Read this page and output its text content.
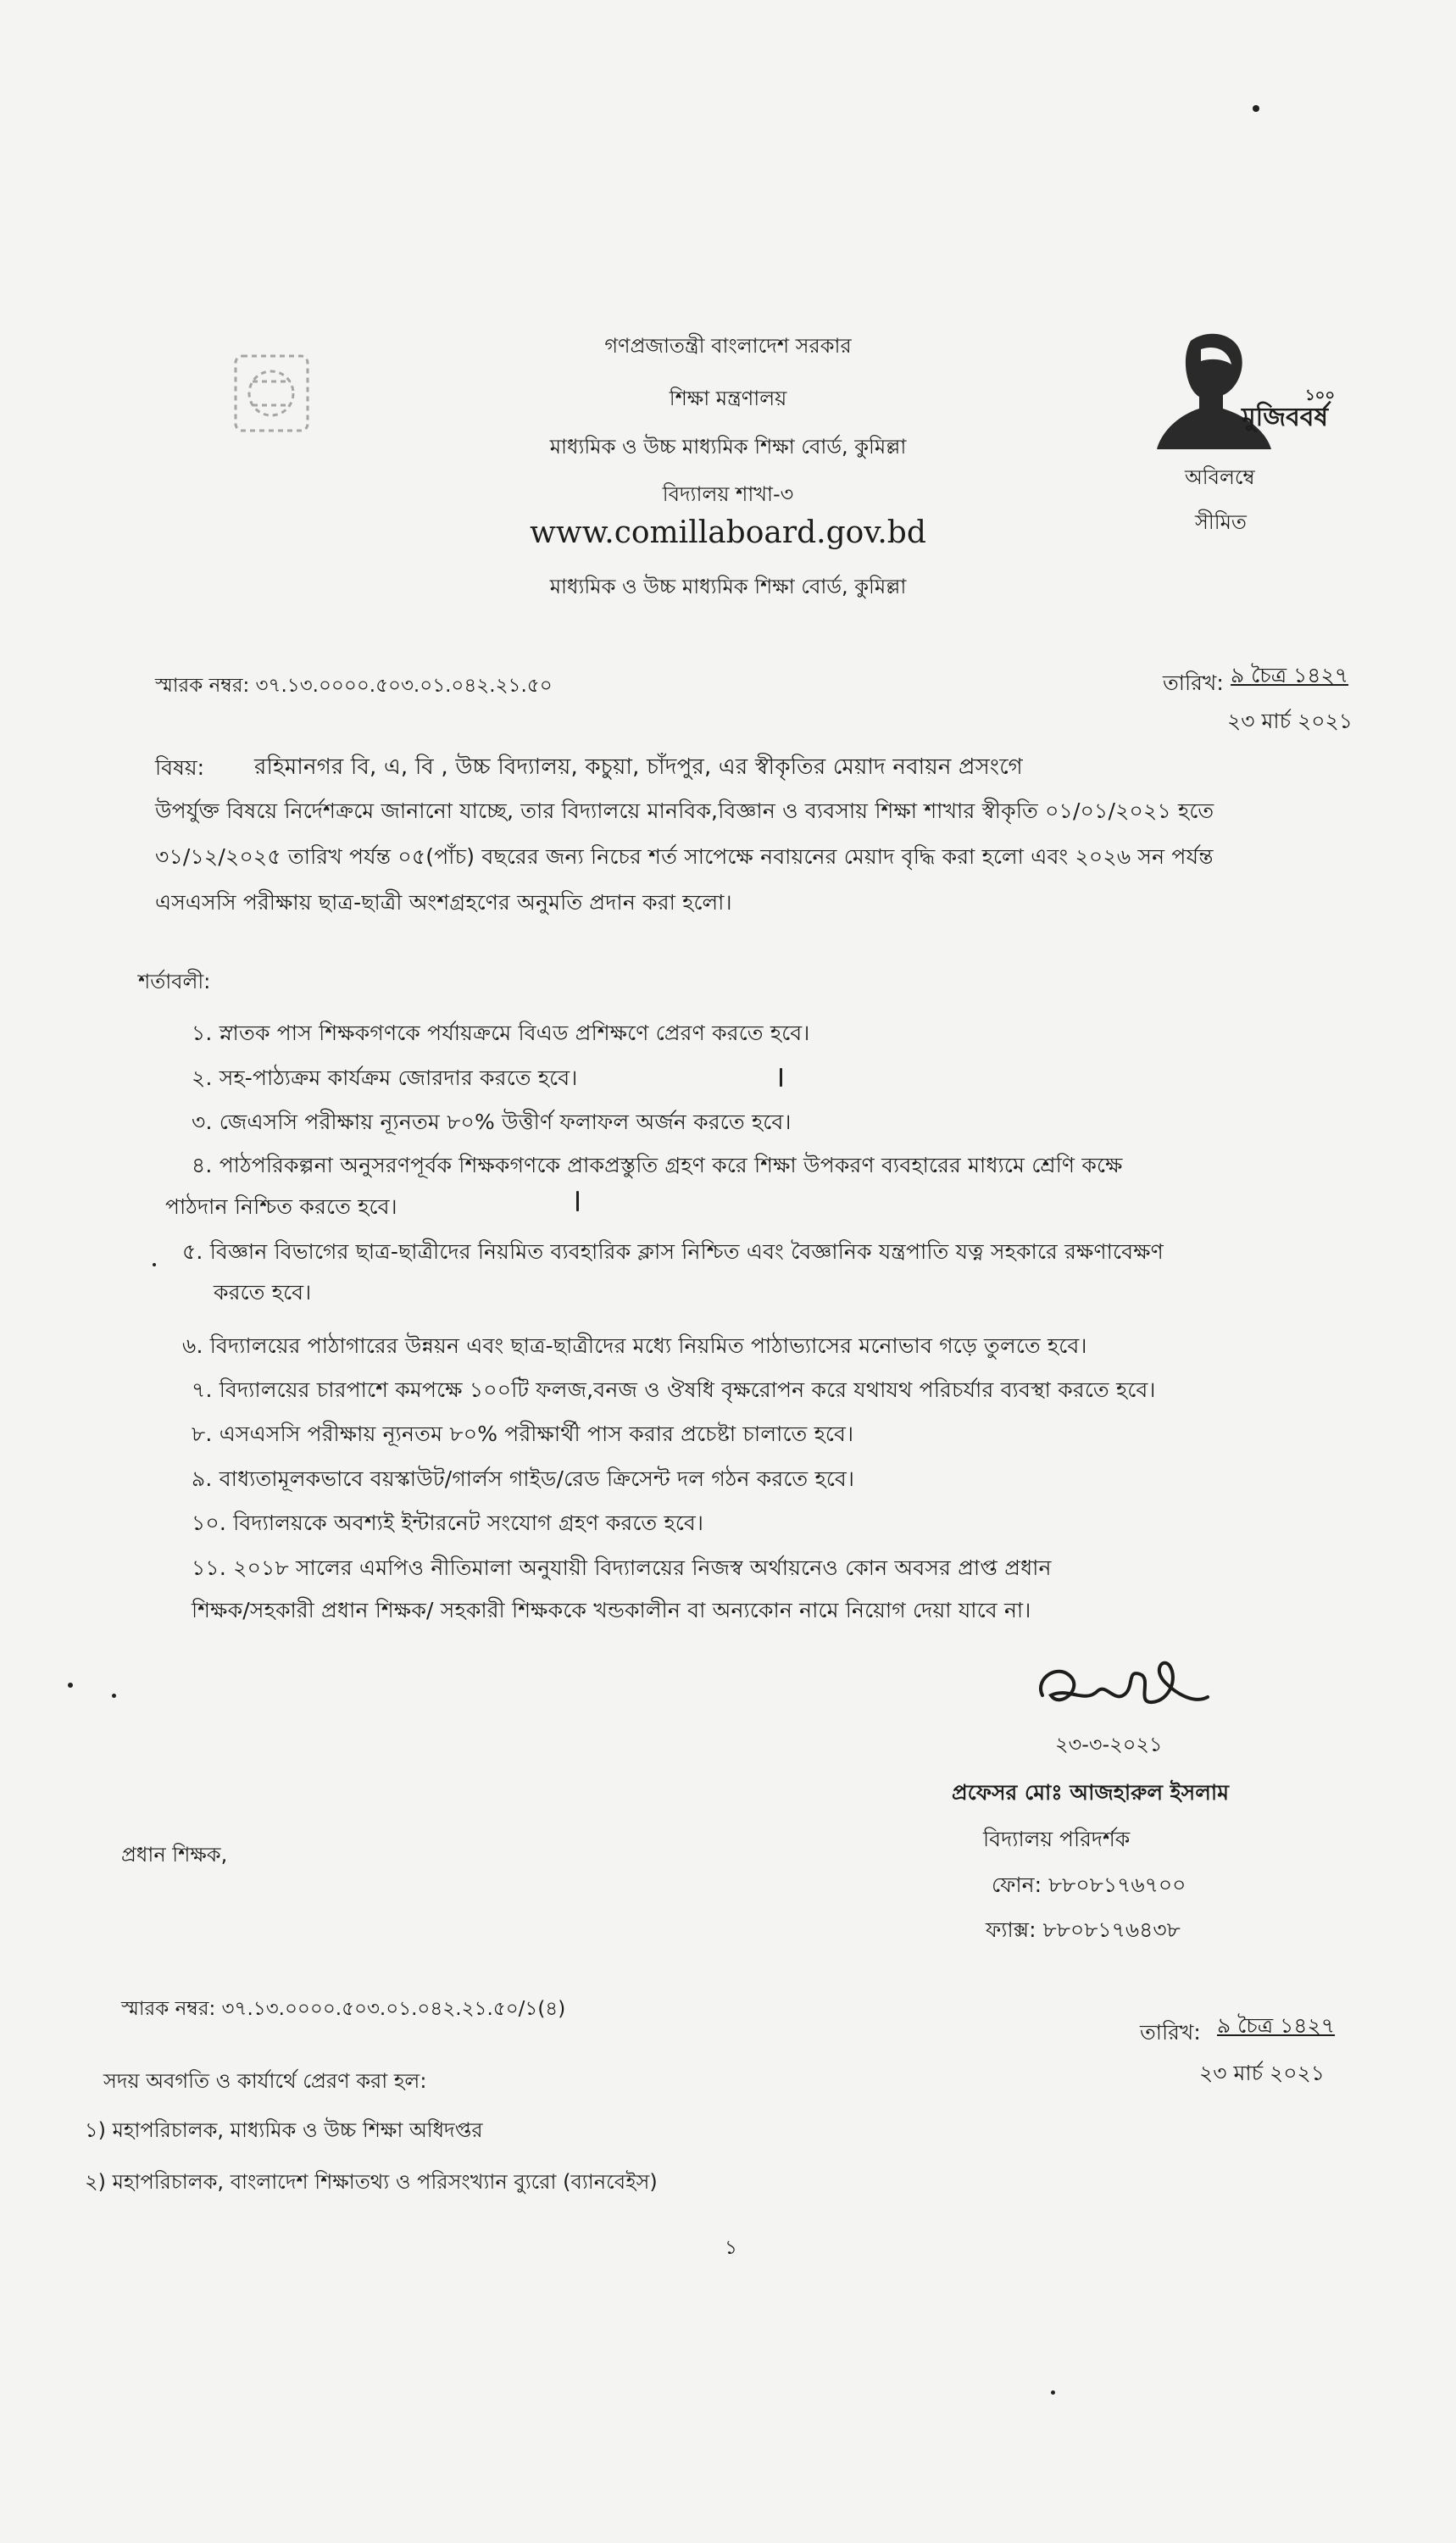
গণপ্রজাতন্ত্রী বাংলাদেশ সরকার
শিক্ষা মন্ত্রণালয়
মাধ্যমিক ও উচ্চ মাধ্যমিক শিক্ষা বোর্ড, কুমিল্লা
বিদ্যালয় শাখা-৩
www.comillaboard.gov.bd
মাধ্যমিক ও উচ্চ মাধ্যমিক শিক্ষা বোর্ড, কুমিল্লা
মুজিববর্ষ
১০০
অবিলম্বে
সীমিত
স্মারক নম্বর: ৩৭.১৩.০০০০.৫০৩.০১.০৪২.২১.৫০	তারিখ: ৯ চৈত্র ১৪২৭
২৩ মার্চ ২০২১
বিষয়: রহিমানগর বি, এ, বি , উচ্চ বিদ্যালয়, কচুয়া, চাঁদপুর, এর স্বীকৃতির মেয়াদ নবায়ন প্রসংগে
উপর্যুক্ত বিষয়ে নির্দেশক্রমে জানানো যাচ্ছে, তার বিদ্যালয়ে মানবিক,বিজ্ঞান ও ব্যবসায় শিক্ষা শাখার স্বীকৃতি ০১/০১/২০২১ হতে
৩১/১২/২০২৫ তারিখ পর্যন্ত ০৫(পাঁচ) বছরের জন্য নিচের শর্ত সাপেক্ষে নবায়নের মেয়াদ বৃদ্ধি করা হলো এবং ২০২৬ সন পর্যন্ত
এসএসসি পরীক্ষায় ছাত্র-ছাত্রী অংশগ্রহণের অনুমতি প্রদান করা হলো।
শর্তাবলী:
১. স্নাতক পাস শিক্ষকগণকে পর্যায়ক্রমে বিএড প্রশিক্ষণে প্রেরণ করতে হবে।
২. সহ-পাঠ্যক্রম কার্যক্রম জোরদার করতে হবে।
৩. জেএসসি পরীক্ষায় ন্যূনতম ৮০% উত্তীর্ণ ফলাফল অর্জন করতে হবে।
৪. পাঠপরিকল্পনা অনুসরণপূর্বক শিক্ষকগণকে প্রাকপ্রস্তুতি গ্রহণ করে শিক্ষা উপকরণ ব্যবহারের মাধ্যমে শ্রেণি কক্ষে
পাঠদান নিশ্চিত করতে হবে।
৫. বিজ্ঞান বিভাগের ছাত্র-ছাত্রীদের নিয়মিত ব্যবহারিক ক্লাস নিশ্চিত এবং বৈজ্ঞানিক যন্ত্রপাতি যত্ন সহকারে রক্ষণাবেক্ষণ
করতে হবে।
৬. বিদ্যালয়ের পাঠাগারের উন্নয়ন এবং ছাত্র-ছাত্রীদের মধ্যে নিয়মিত পাঠাভ্যাসের মনোভাব গড়ে তুলতে হবে।
৭. বিদ্যালয়ের চারপাশে কমপক্ষে ১০০টি ফলজ,বনজ ও ঔষধি বৃক্ষরোপন করে যথাযথ পরিচর্যার ব্যবস্থা করতে হবে।
৮. এসএসসি পরীক্ষায় ন্যূনতম ৮০% পরীক্ষার্থী পাস করার প্রচেষ্টা চালাতে হবে।
৯. বাধ্যতামূলকভাবে বয়স্কাউট/গার্লস গাইড/রেড ক্রিসেন্ট দল গঠন করতে হবে।
১০. বিদ্যালয়কে অবশ্যই ইন্টারনেট সংযোগ গ্রহণ করতে হবে।
১১. ২০১৮ সালের এমপিও নীতিমালা অনুযায়ী বিদ্যালয়ের নিজস্ব অর্থায়নেও কোন অবসর প্রাপ্ত প্রধান
শিক্ষক/সহকারী প্রধান শিক্ষক/ সহকারী শিক্ষককে খন্ডকালীন বা অন্যকোন নামে নিয়োগ দেয়া যাবে না।
২৩-৩-২০২১
প্রফেসর মোঃ আজহারুল ইসলাম
বিদ্যালয় পরিদর্শক
ফোন: ৮৮০৮১৭৬৭০০
ফ্যাক্স: ৮৮০৮১৭৬৪৩৮
প্রধান শিক্ষক,
স্মারক নম্বর: ৩৭.১৩.০০০০.৫০৩.০১.০৪২.২১.৫০/১(৪)
তারিখ: ৯ চৈত্র ১৪২৭
২৩ মার্চ ২০২১
সদয় অবগতি ও কার্যার্থে প্রেরণ করা হল:
১) মহাপরিচালক, মাধ্যমিক ও উচ্চ শিক্ষা অধিদপ্তর
২) মহাপরিচালক, বাংলাদেশ শিক্ষাতথ্য ও পরিসংখ্যান ব্যুরো (ব্যানবেইস)
১
